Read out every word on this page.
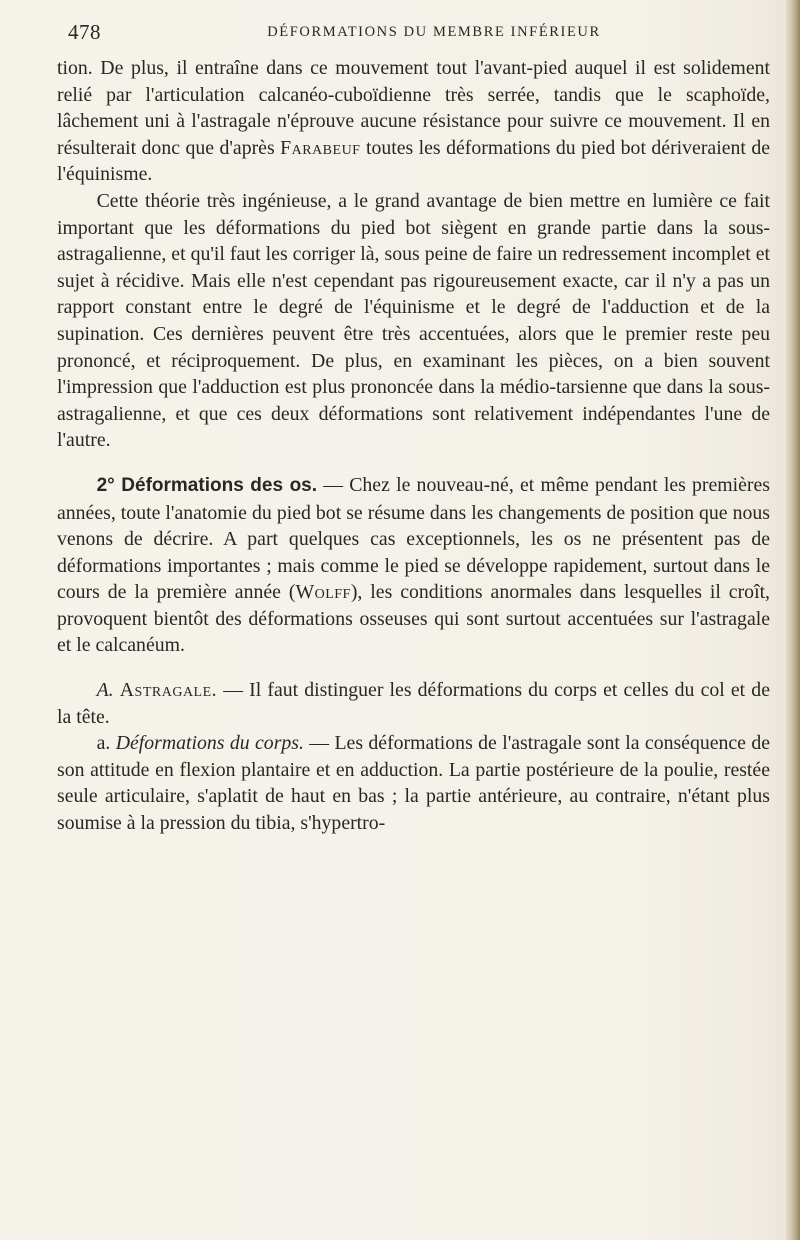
478	DÉFORMATIONS DU MEMBRE INFÉRIEUR

tion. De plus, il entraîne dans ce mouvement tout l'avant-pied auquel il est solidement relié par l'articulation calcanéo-cuboïdienne très serrée, tandis que le scaphoïde, lâchement uni à l'astragale n'éprouve aucune résistance pour suivre ce mouvement. Il en résulterait donc que d'après Farabeuf toutes les déformations du pied bot dériveraient de l'équinisme.

Cette théorie très ingénieuse, a le grand avantage de bien mettre en lumière ce fait important que les déformations du pied bot siègent en grande partie dans la sous-astragalienne, et qu'il faut les corriger là, sous peine de faire un redressement incomplet et sujet à récidive. Mais elle n'est cependant pas rigoureusement exacte, car il n'y a pas un rapport constant entre le degré de l'équinisme et le degré de l'adduction et de la supination. Ces dernières peuvent être très accentuées, alors que le premier reste peu prononcé, et réciproquement. De plus, en examinant les pièces, on a bien souvent l'impression que l'adduction est plus prononcée dans la médio-tarsienne que dans la sous-astragalienne, et que ces deux déformations sont relativement indépendantes l'une de l'autre.

2° Déformations des os. — Chez le nouveau-né, et même pendant les premières années, toute l'anatomie du pied bot se résume dans les changements de position que nous venons de décrire. A part quelques cas exceptionnels, les os ne présentent pas de déformations importantes ; mais comme le pied se développe rapidement, surtout dans le cours de la première année (Wolff), les conditions anormales dans lesquelles il croît, provoquent bientôt des déformations osseuses qui sont surtout accentuées sur l'astragale et le calcanéum.

A. Astragale. — Il faut distinguer les déformations du corps et celles du col et de la tête.

a. Déformations du corps. — Les déformations de l'astragale sont la conséquence de son attitude en flexion plantaire et en adduction. La partie postérieure de la poulie, restée seule articulaire, s'aplatit de haut en bas ; la partie antérieure, au contraire, n'étant plus soumise à la pression du tibia, s'hypertro-
